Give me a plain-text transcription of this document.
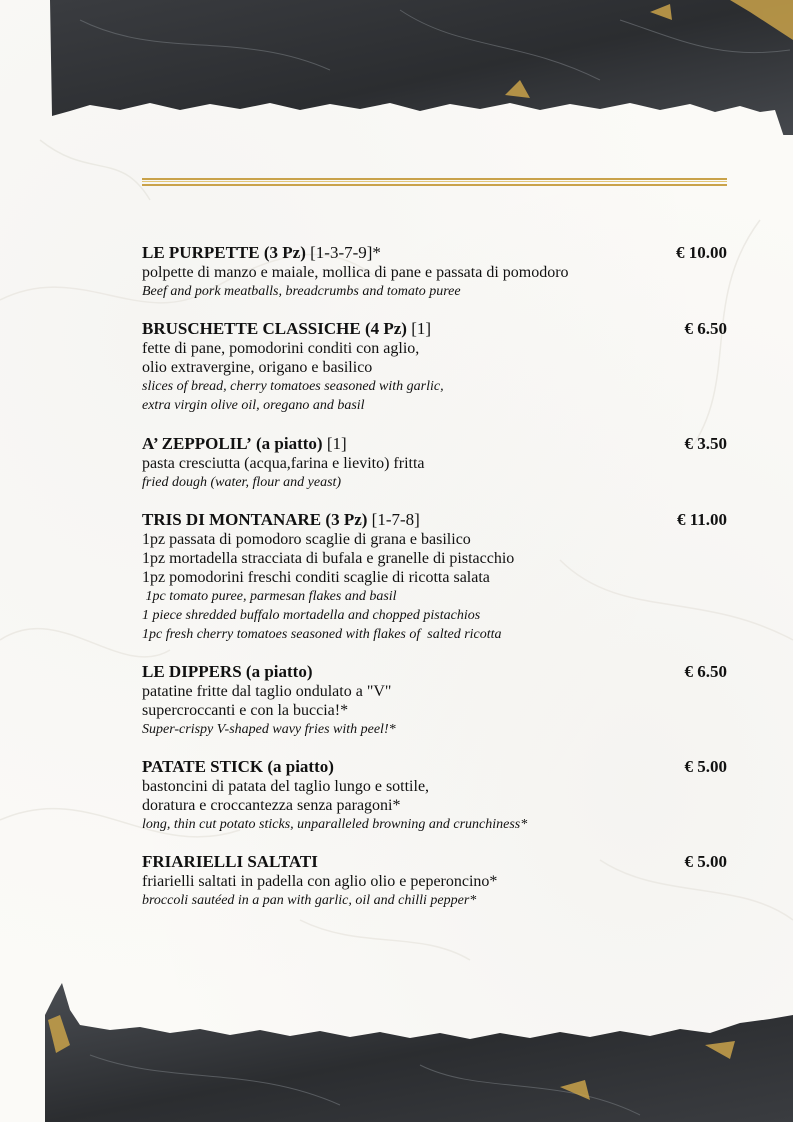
LE PURPETTE (3 Pz) [1-3-7-9]*	€ 10.00
polpette di manzo e maiale, mollica di pane e passata di pomodoro
Beef and pork meatballs, breadcrumbs and tomato puree
BRUSCHETTE CLASSICHE (4 Pz) [1]	€ 6.50
fette di pane, pomodorini conditi con aglio,
olio extravergine, origano e basilico
slices of bread, cherry tomatoes seasoned with garlic,
extra virgin olive oil, oregano and basil
A’ ZEPPOLIL’ (a piatto) [1]	€ 3.50
pasta cresciutta (acqua,farina e lievito) fritta
fried dough (water, flour and yeast)
TRIS DI MONTANARE (3 Pz) [1-7-8]	€ 11.00
1pz passata di pomodoro scaglie di grana e basilico
1pz mortadella stracciata di bufala e granelle di pistacchio
1pz pomodorini freschi conditi scaglie di ricotta salata
1pc tomato puree, parmesan flakes and basil
1 piece shredded buffalo mortadella and chopped pistachios
1pc fresh cherry tomatoes seasoned with flakes of  salted ricotta
LE DIPPERS (a piatto)	€ 6.50
patatine fritte dal taglio ondulato a "V"
supercroccanti e con la buccia!*
Super-crispy V-shaped wavy fries with peel!*
PATATE STICK (a piatto)	€ 5.00
bastoncini di patata del taglio lungo e sottile,
doratura e croccantezza senza paragoni*
long, thin cut potato sticks, unparalleled browning and crunchiness*
FRIARIELLI SALTATI	€ 5.00
friarielli saltati in padella con aglio olio e peperoncino*
broccoli sautéed in a pan with garlic, oil and chilli pepper*
